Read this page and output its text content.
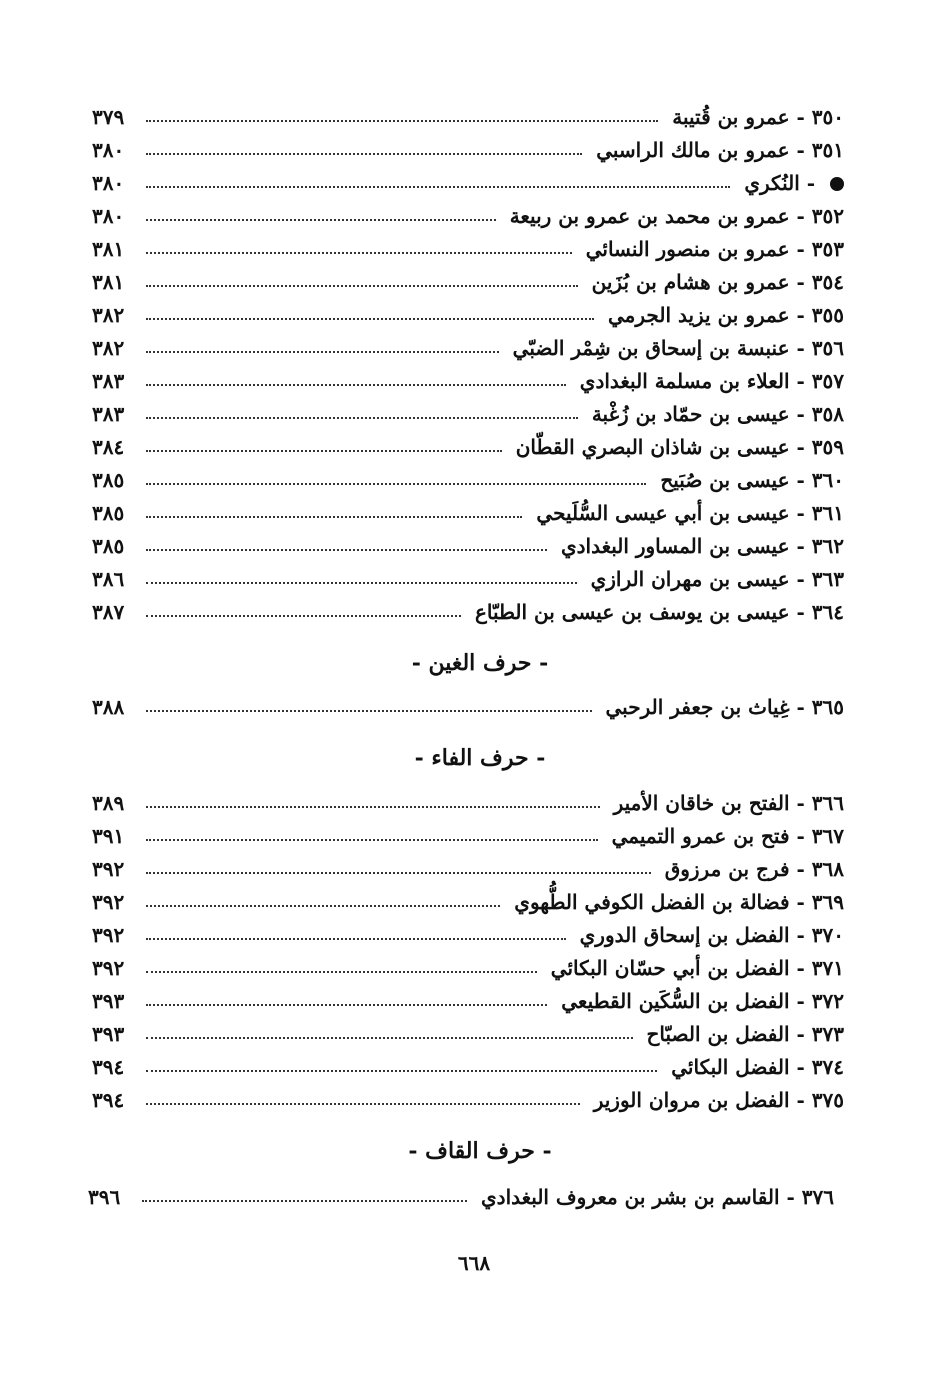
٣٥٠ - عمرو بن قُتيبة
٣٧٩
٣٥١ - عمرو بن مالك الراسبي
٣٨٠
- النُكري
٣٨٠
٣٥٢ - عمرو بن محمد بن عمرو بن ربيعة
٣٨٠
٣٥٣ - عمرو بن منصور النسائي
٣٨١
٣٥٤ - عمرو بن هشام بن بُزَين
٣٨١
٣٥٥ - عمرو بن يزيد الجرمي
٣٨٢
٣٥٦ - عنبسة بن إسحاق بن شِمْر الضبّي
٣٨٢
٣٥٧ - العلاء بن مسلمة البغدادي
٣٨٣
٣٥٨ - عيسى بن حمّاد بن زُغْبة
٣٨٣
٣٥٩ - عيسى بن شاذان البصري القطّان
٣٨٤
٣٦٠ - عيسى بن صُبَيح
٣٨٥
٣٦١ - عيسى بن أبي عيسى السُّلَيحي
٣٨٥
٣٦٢ - عيسى بن المساور البغدادي
٣٨٥
٣٦٣ - عيسى بن مهران الرازي
٣٨٦
٣٦٤ - عيسى بن يوسف بن عيسى بن الطبّاع
٣٨٧
- حرف الغين -
٣٦٥ - غِياث بن جعفر الرحبي
٣٨٨
- حرف الفاء -
٣٦٦ - الفتح بن خاقان الأمير
٣٨٩
٣٦٧ - فتح بن عمرو التميمي
٣٩١
٣٦٨ - فرج بن مرزوق
٣٩٢
٣٦٩ - فضالة بن الفضل الكوفي الطُّهوي
٣٩٢
٣٧٠ - الفضل بن إسحاق الدوري
٣٩٢
٣٧١ - الفضل بن أبي حسّان البكائي
٣٩٢
٣٧٢ - الفضل بن السُّكَين القطيعي
٣٩٣
٣٧٣ - الفضل بن الصبّاح
٣٩٣
٣٧٤ - الفضل البكائي
٣٩٤
٣٧٥ - الفضل بن مروان الوزير
٣٩٤
- حرف القاف -
٣٧٦ - القاسم بن بشر بن معروف البغدادي
٣٩٦
٦٦٨
